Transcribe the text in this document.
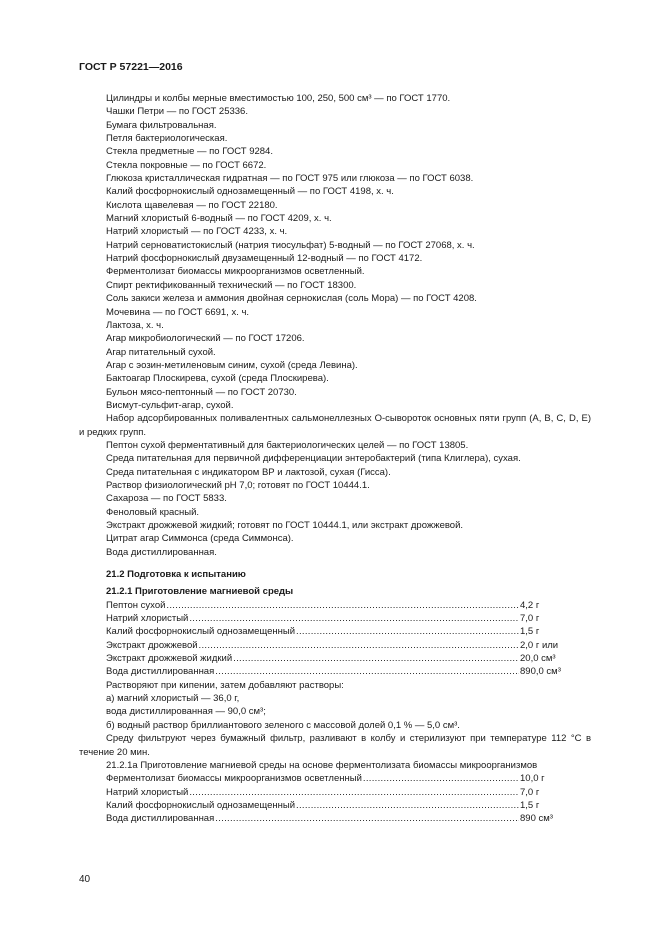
ГОСТ Р 57221—2016
Цилиндры и колбы мерные вместимостью 100, 250, 500 см³ — по ГОСТ 1770.
Чашки Петри — по ГОСТ 25336.
Бумага фильтровальная.
Петля бактериологическая.
Стекла предметные — по ГОСТ 9284.
Стекла покровные — по ГОСТ 6672.
Глюкоза кристаллическая гидратная — по ГОСТ 975 или глюкоза — по ГОСТ 6038.
Калий фосфорнокислый однозамещенный — по ГОСТ 4198, х. ч.
Кислота щавелевая — по ГОСТ 22180.
Магний хлористый 6-водный — по ГОСТ 4209, х. ч.
Натрий хлористый — по ГОСТ 4233, х. ч.
Натрий серноватистокислый (натрия тиосульфат) 5-водный — по ГОСТ 27068, х. ч.
Натрий фосфорнокислый двузамещенный 12-водный — по ГОСТ 4172.
Ферментолизат биомассы микроорганизмов осветленный.
Спирт ректификованный технический — по ГОСТ 18300.
Соль закиси железа и аммония двойная сернокислая (соль Мора) — по ГОСТ 4208.
Мочевина — по ГОСТ 6691, х. ч.
Лактоза, х. ч.
Агар микробиологический — по ГОСТ 17206.
Агар питательный сухой.
Агар с эозин-метиленовым синим, сухой (среда Левина).
Бактоагар Плоскирева, сухой (среда Плоскирева).
Бульон мясо-пептонный — по ГОСТ 20730.
Висмут-сульфит-агар, сухой.
Набор адсорбированных поливалентных сальмонеллезных О-сывороток основных пяти групп (А, В, С, D, Е) и редких групп.
Пептон сухой ферментативный для бактериологических целей — по ГОСТ 13805.
Среда питательная для первичной дифференциации энтеробактерий (типа Клиглера), сухая.
Среда питательная с индикатором ВР и лактозой, сухая (Гисса).
Раствор физиологический рН 7,0; готовят по ГОСТ 10444.1.
Сахароза — по ГОСТ 5833.
Феноловый красный.
Экстракт дрожжевой жидкий; готовят по ГОСТ 10444.1, или экстракт дрожжевой.
Цитрат агар Симмонса (среда Симмонса).
Вода дистиллированная.
21.2 Подготовка к испытанию
21.2.1 Приготовление магниевой среды
Пептон сухой .....	4,2 г
Натрий хлористый .....	7,0 г
Калий фосфорнокислый однозамещенный .....	1,5 г
Экстракт дрожжевой .....	2,0 г или
Экстракт дрожжевой жидкий .....	20,0 см³
Вода дистиллированная .....	890,0 см³
Растворяют при кипении, затем добавляют растворы:
а) магний хлористый — 36,0 г,
вода дистиллированная — 90,0 см³;
б) водный раствор бриллиантового зеленого с массовой долей 0,1 % — 5,0 см³.
Среду фильтруют через бумажный фильтр, разливают в колбу и стерилизуют при температуре 112 °С в течение 20 мин.
21.2.1а Приготовление магниевой среды на основе ферментолизата биомассы микроорганизмов
Ферментолизат биомассы микроорганизмов осветленный .....	10,0 г
Натрий хлористый .....	7,0 г
Калий фосфорнокислый однозамещенный .....	1,5 г
Вода дистиллированная .....	890 см³
40
